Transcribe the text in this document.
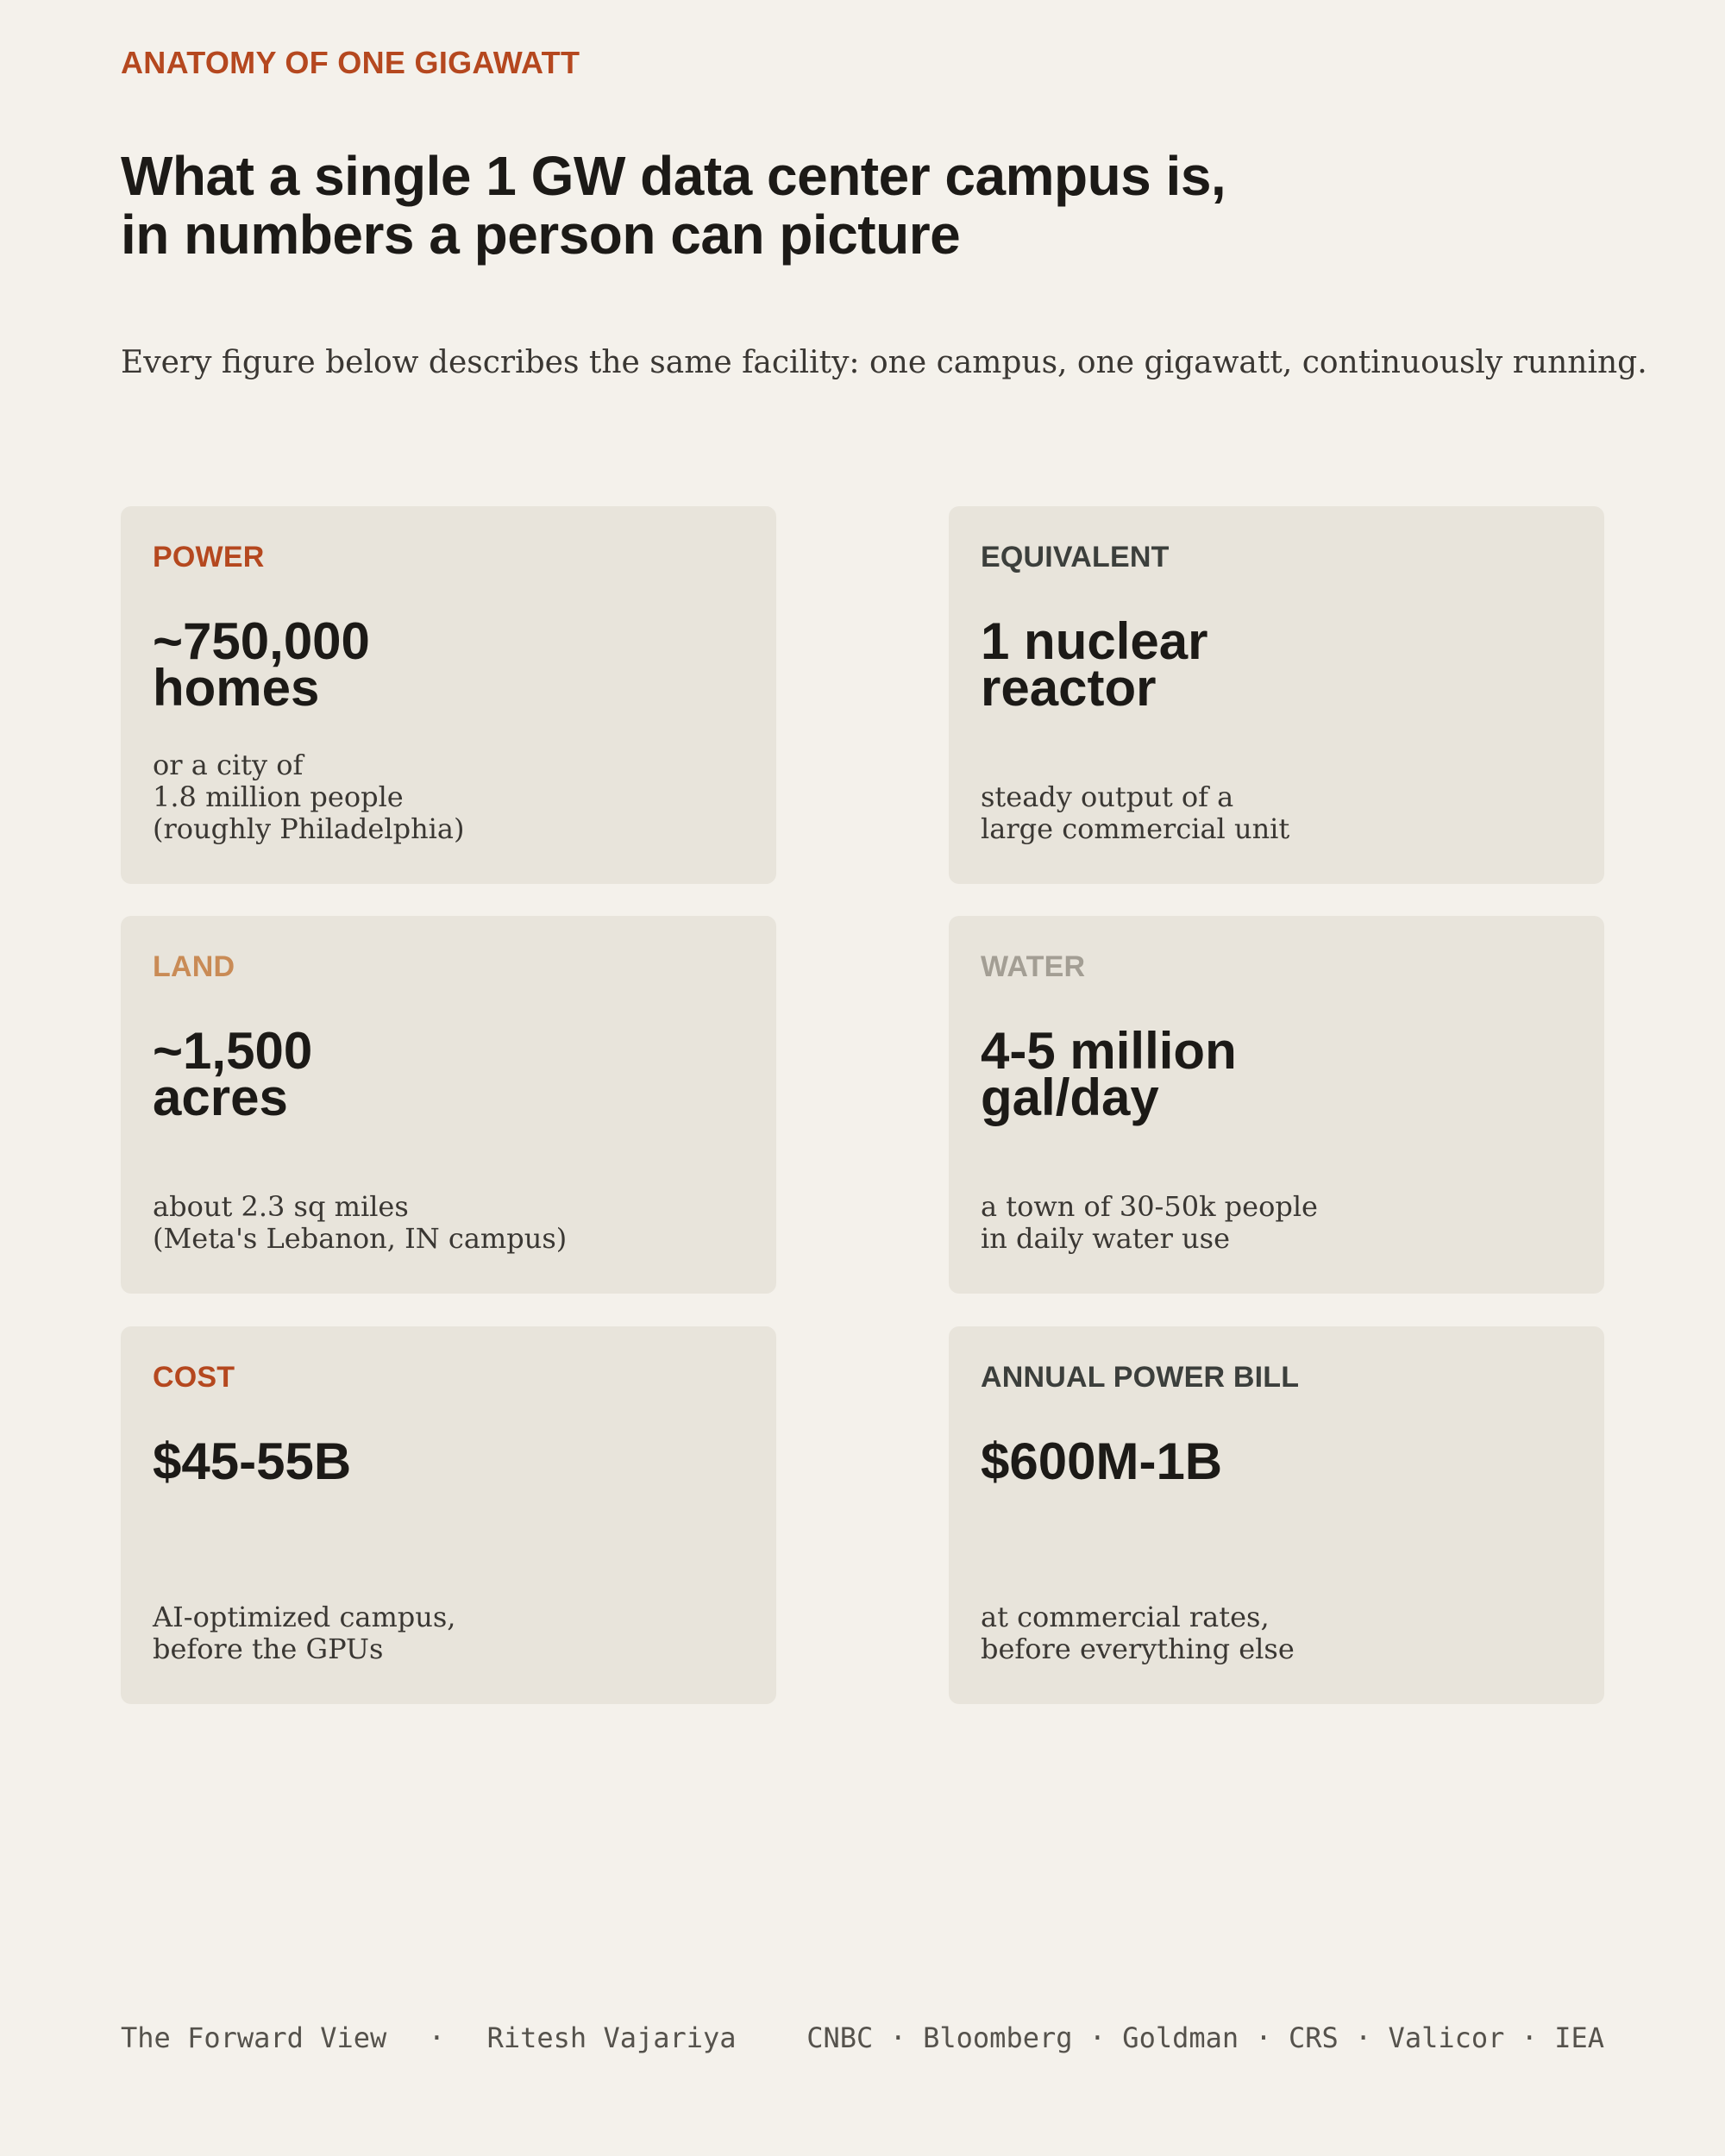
ANATOMY OF ONE GIGAWATT
What a single 1 GW data center campus is,
in numbers a person can picture

Every figure below describes the same facility: one campus, one gigawatt, continuously running.

POWER
~750,000
homes
or a city of
1.8 million people
(roughly Philadelphia)
EQUIVALENT
1 nuclear
reactor
steady output of a
large commercial unit
LAND
~1,500
acres
about 2.3 sq miles
(Meta's Lebanon, IN campus)
WATER
4-5 million
gal/day
a town of 30-50k people
in daily water use
COST
$45-55B
AI-optimized campus,
before the GPUs
ANNUAL POWER BILL
$600M-1B
at commercial rates,
before everything else
The Forward View  ·  Ritesh Vajariya	CNBC · Bloomberg · Goldman · CRS · Valicor · IEA
